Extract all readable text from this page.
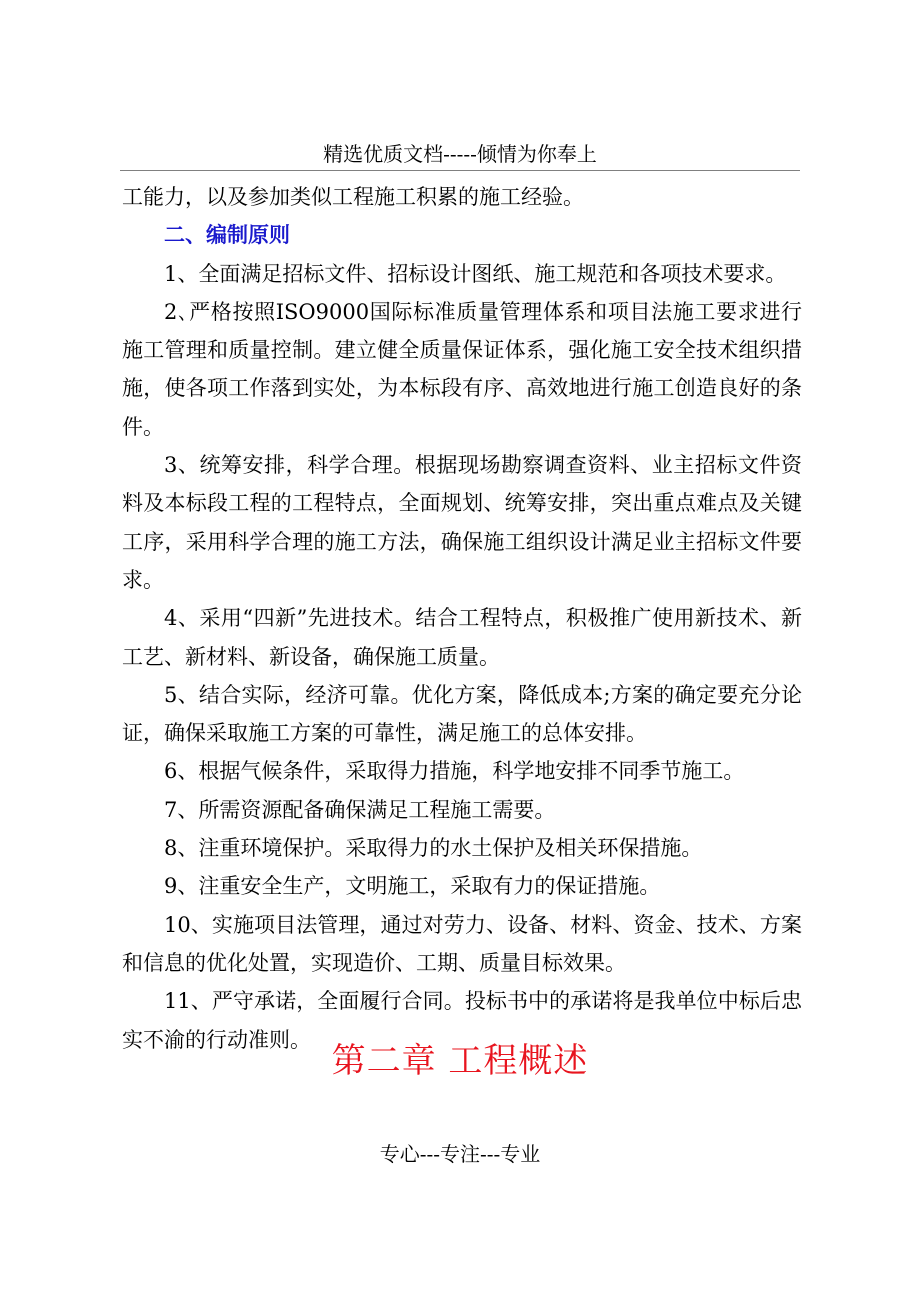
精选优质文档-----倾情为你奉上

工能力，以及参加类似工程施工积累的施工经验。

二、编制原则

1、全面满足招标文件、招标设计图纸、施工规范和各项技术要求。

2､严格按照ISO9000国际标准质量管理体系和项目法施工要求进行施工管理和质量控制。建立健全质量保证体系，强化施工安全技术组织措施，使各项工作落到实处，为本标段有序、高效地进行施工创造良好的条件。

3、统筹安排，科学合理。根据现场勘察调查资料、业主招标文件资料及本标段工程的工程特点，全面规划、统筹安排，突出重点难点及关键工序，采用科学合理的施工方法，确保施工组织设计满足业主招标文件要求。

4、采用“四新”先进技术。结合工程特点，积极推广使用新技术、新工艺、新材料、新设备，确保施工质量。

5、结合实际，经济可靠。优化方案，降低成本;方案的确定要充分论证，确保采取施工方案的可靠性，满足施工的总体安排。

6、根据气候条件，采取得力措施，科学地安排不同季节施工。

7、所需资源配备确保满足工程施工需要。

8、注重环境保护。采取得力的水土保护及相关环保措施。

9、注重安全生产，文明施工，采取有力的保证措施。

10、实施项目法管理，通过对劳力、设备、材料、资金、技术、方案和信息的优化处置，实现造价、工期、质量目标效果。

11、严守承诺，全面履行合同。投标书中的承诺将是我单位中标后忠实不渝的行动准则。

第二章 工程概述
专心---专注---专业
